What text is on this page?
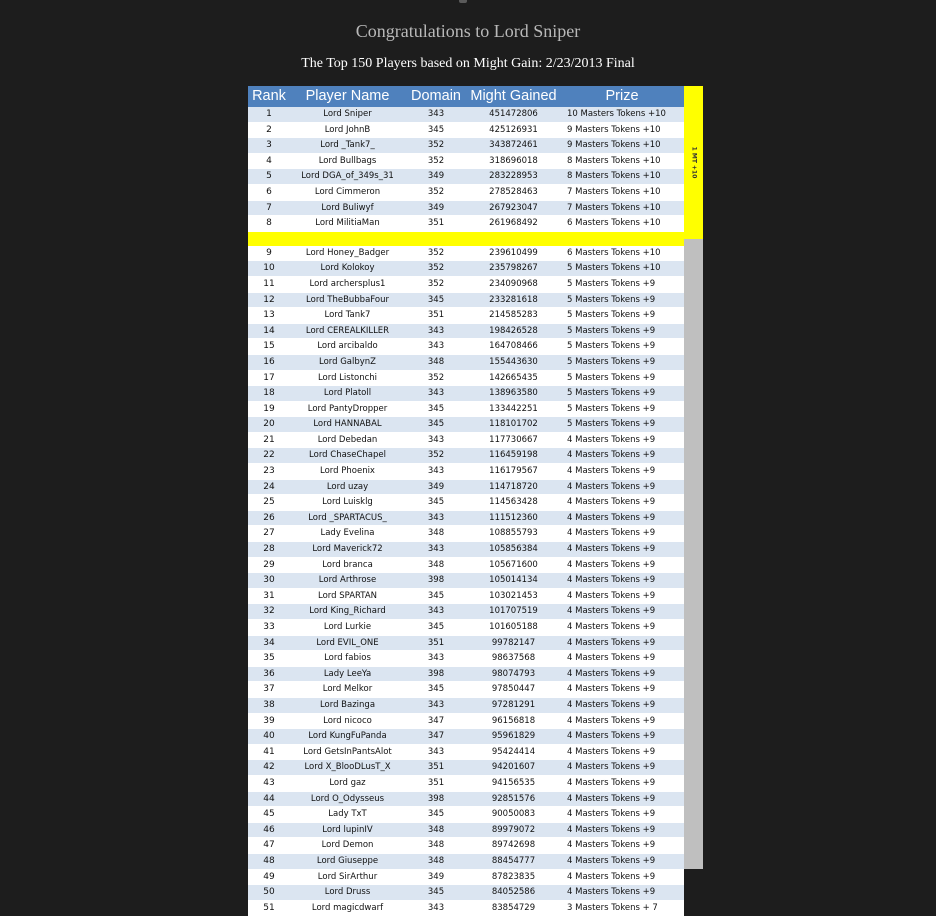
Congratulations to Lord Sniper
The Top 150 Players based on Might Gain: 2/23/2013 Final
Rank	Player Name	Domain	Might Gained	Prize
1	Lord Sniper	343	451472806	10 Masters Tokens +10
2	Lord JohnB	345	425126931	9 Masters Tokens +10
3	Lord _Tank7_	352	343872461	9 Masters Tokens +10
4	Lord Bullbags	352	318696018	8 Masters Tokens +10
5	Lord DGA_of_349s_31	349	283228953	8 Masters Tokens +10
6	Lord Cimmeron	352	278528463	7 Masters Tokens +10
7	Lord Buliwyf	349	267923047	7 Masters Tokens +10
8	Lord MilitiaMan	351	261968492	6 Masters Tokens +10

9	Lord Honey_Badger	352	239610499	6 Masters Tokens +10
10	Lord Kolokoy	352	235798267	5 Masters Tokens +10
11	Lord archersplus1	352	234090968	5 Masters Tokens +9
12	Lord TheBubbaFour	345	233281618	5 Masters Tokens +9
13	Lord Tank7	351	214585283	5 Masters Tokens +9
14	Lord CEREALKILLER	343	198426528	5 Masters Tokens +9
15	Lord arcibaldo	343	164708466	5 Masters Tokens +9
16	Lord GalbynZ	348	155443630	5 Masters Tokens +9
17	Lord Listonchi	352	142665435	5 Masters Tokens +9
18	Lord Platoll	343	138963580	5 Masters Tokens +9
19	Lord PantyDropper	345	133442251	5 Masters Tokens +9
20	Lord HANNABAL	345	118101702	5 Masters Tokens +9
21	Lord Debedan	343	117730667	4 Masters Tokens +9
22	Lord ChaseChapel	352	116459198	4 Masters Tokens +9
23	Lord Phoenix	343	116179567	4 Masters Tokens +9
24	Lord uzay	349	114718720	4 Masters Tokens +9
25	Lord Luisklg	345	114563428	4 Masters Tokens +9
26	Lord _SPARTACUS_	343	111512360	4 Masters Tokens +9
27	Lady Evelina	348	108855793	4 Masters Tokens +9
28	Lord Maverick72	343	105856384	4 Masters Tokens +9
29	Lord branca	348	105671600	4 Masters Tokens +9
30	Lord Arthrose	398	105014134	4 Masters Tokens +9
31	Lord SPARTAN	345	103021453	4 Masters Tokens +9
32	Lord King_Richard	343	101707519	4 Masters Tokens +9
33	Lord Lurkie	345	101605188	4 Masters Tokens +9
34	Lord EVIL_ONE	351	99782147	4 Masters Tokens +9
35	Lord fabios	343	98637568	4 Masters Tokens +9
36	Lady LeeYa	398	98074793	4 Masters Tokens +9
37	Lord Melkor	345	97850447	4 Masters Tokens +9
38	Lord Bazinga	343	97281291	4 Masters Tokens +9
39	Lord nicoco	347	96156818	4 Masters Tokens +9
40	Lord KungFuPanda	347	95961829	4 Masters Tokens +9
41	Lord GetsInPantsAlot	343	95424414	4 Masters Tokens +9
42	Lord X_BlooDLusT_X	351	94201607	4 Masters Tokens +9
43	Lord gaz	351	94156535	4 Masters Tokens +9
44	Lord O_Odysseus	398	92851576	4 Masters Tokens +9
45	Lady TxT	345	90050083	4 Masters Tokens +9
46	Lord lupinIV	348	89979072	4 Masters Tokens +9
47	Lord Demon	348	89742698	4 Masters Tokens +9
48	Lord Giuseppe	348	88454777	4 Masters Tokens +9
49	Lord SirArthur	349	87823835	4 Masters Tokens +9
50	Lord Druss	345	84052586	4 Masters Tokens +9
51	Lord magicdwarf	343	83854729	3 Masters Tokens + 7
1 MT +10
